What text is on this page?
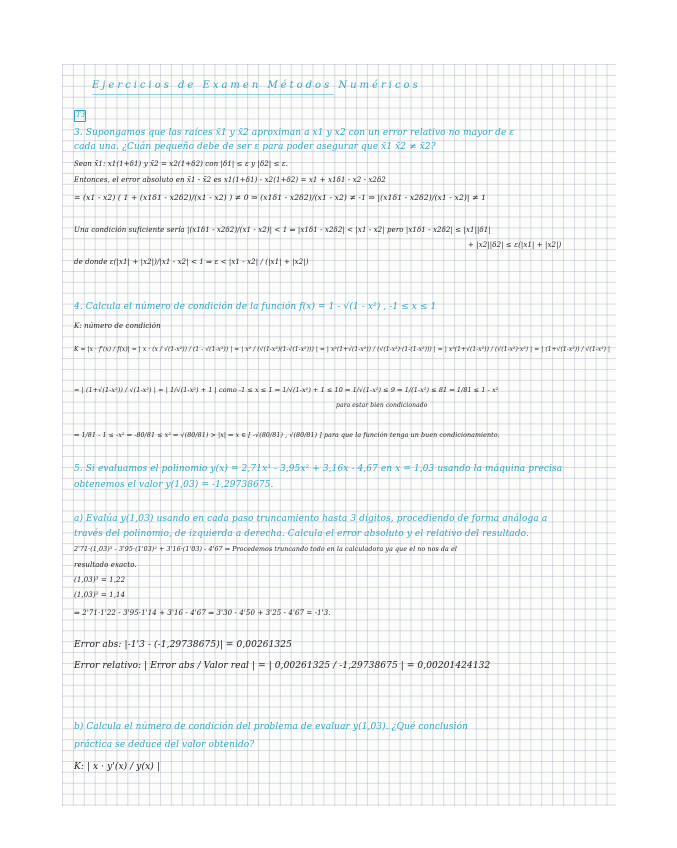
Ejercicios de Examen Métodos Numéricos
T3
3. Supongamos que las raíces x̃1 y x̃2 aproximan a x1 y x2 con un error relativo no mayor de ε
cada una. ¿Cuán pequeño debe de ser ε para poder asegurar que x̃1 x̃2 ≠ x̃2?
Sean x̃1: x1(1+δ1) y x̃2 = x2(1+δ2) con |δ1| ≤ ε y |δ2| ≤ ε.
Entonces, el error absoluto en x̃1 - x̃2 es x1(1+δ1) - x2(1+δ2) = x1 + x1δ1 - x2 - x2δ2
= (x1 - x2) ( 1 + (x1δ1 - x2δ2)/(x1 - x2) ) ≠ 0 ⇒ (x1δ1 - x2δ2)/(x1 - x2) ≠ -1 ⇒ |(x1δ1 - x2δ2)/(x1 - x2)| ≠ 1
Una condición suficiente sería |(x1δ1 - x2δ2)/(x1 - x2)| < 1 ⇒ |x1δ1 - x2δ2| < |x1 - x2| pero |x1δ1 - x2δ2| ≤ |x1||δ1|
+ |x2||δ2| ≤ ε(|x1| + |x2|)
de donde ε(|x1| + |x2|)/|x1 - x2| < 1 ⇒ ε < |x1 - x2| / (|x1| + |x2|)
4. Calcula el número de condición de la función f(x) = 1 - √(1 - x²) , -1 ≤ x ≤ 1
K: número de condición
K = |x · f'(x) / f(x)| = | x · (x / √(1-x²)) / (1 - √(1-x²)) | = | x² / (√(1-x²)(1-√(1-x²))) | = | x²(1+√(1-x²)) / (√(1-x²)·(1-(1-x²))) | = | x²(1+√(1-x²)) / (√(1-x²)·x²) | = | (1+√(1-x²)) / √(1-x²) |
= | (1+√(1-x²)) / √(1-x²) | = | 1/√(1-x²) + 1 | como -1 ≤ x ≤ 1 ⇒ 1/√(1-x²) + 1 ≤ 10 ⇒ 1/√(1-x²) ≤ 9 ⇒ 1/(1-x²) ≤ 81 ⇒ 1/81 ≤ 1 - x²
para estar bien condicionado
⇒ 1/81 - 1 ≤ -x² ⇒ -80/81 ≤ x² ⇒ √(80/81) > |x| ⇒ x ∈ [ -√(80/81) , √(80/81) ] para que la función tenga un buen condicionamiento.
5. Si evaluamos el polinomio y(x) = 2,71x³ - 3,95x² + 3,16x - 4,67 en x = 1,03 usando la máquina precisa
obtenemos el valor y(1,03) = -1,29738675.
a) Evalúa y(1,03) usando en cada paso truncamiento hasta 3 dígitos, procediendo de forma análoga a
través del polinomio, de izquierda a derecha. Calcula el error absoluto y el relativo del resultado.
2'71·(1,03)³ - 3'95·(1'03)² + 3'16·(1'03) - 4'67 ⇒ Procedemos truncando todo en la calculadora ya que el no nos da el
resultado exacto.
(1,03)³ = 1,22
(1,03)² = 1,14
⇒ 2'71·1'22 - 3'95·1'14 + 3'16 - 4'67 ⇒ 3'30 - 4'50 + 3'25 - 4'67 = -1'3.
Error abs: |-1'3 - (-1,29738675)| = 0,00261325
Error relativo: | Error abs / Valor real | = | 0,00261325 / -1,29738675 | = 0,00201424132
b) Calcula el número de condición del problema de evaluar y(1,03). ¿Qué conclusión
práctica se deduce del valor obtenido?
K: | x · y'(x) / y(x) |
